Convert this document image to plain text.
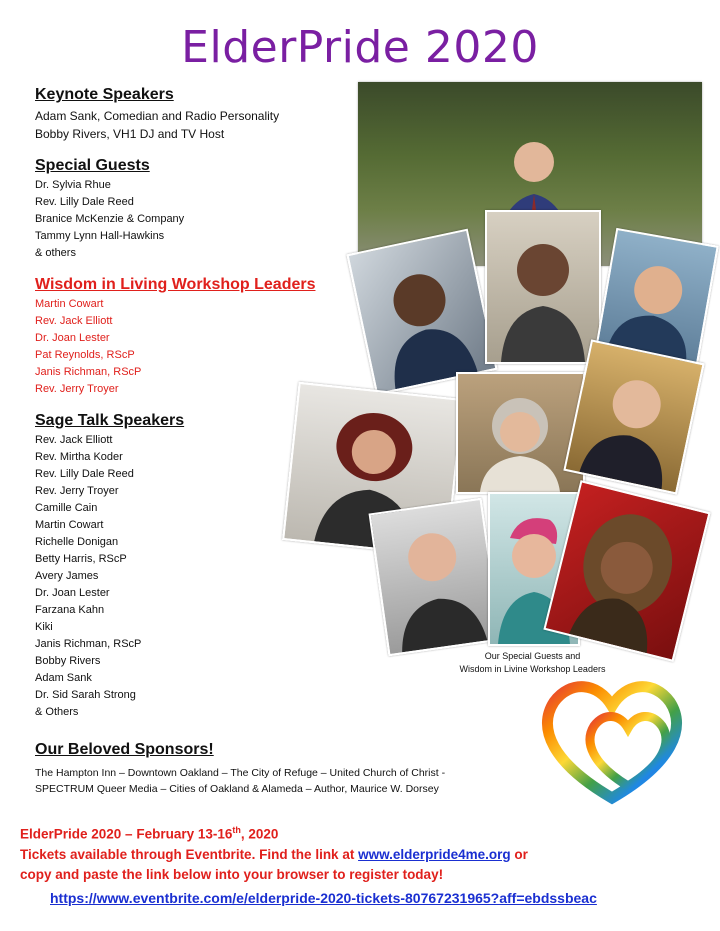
ElderPride 2020
Keynote Speakers
Adam Sank, Comedian and Radio Personality
Bobby Rivers, VH1 DJ and TV Host
Special Guests
Dr. Sylvia Rhue
Rev. Lilly Dale Reed
Branice McKenzie & Company
Tammy Lynn Hall-Hawkins
& others
Wisdom in Living Workshop Leaders
Martin Cowart
Rev. Jack Elliott
Dr. Joan Lester
Pat Reynolds, RScP
Janis Richman, RScP
Rev. Jerry Troyer
Sage Talk Speakers
Rev. Jack Elliott
Rev. Mirtha Koder
Rev. Lilly Dale Reed
Rev. Jerry Troyer
Camille Cain
Martin Cowart
Richelle Donigan
Betty Harris, RScP
Avery James
Dr. Joan Lester
Farzana Kahn
Kiki
Janis Richman, RScP
Bobby Rivers
Adam Sank
Dr. Sid Sarah Strong
& Others
Our Special Guests and
Wisdom in Livine Workshop Leaders
Our Beloved Sponsors!
The Hampton Inn – Downtown Oakland – The City of Refuge – United Church of Christ -
SPECTRUM Queer Media – Cities of Oakland & Alameda – Author, Maurice W. Dorsey
ElderPride 2020 – February 13-16th, 2020
Tickets available through Eventbrite. Find the link at www.elderpride4me.org or
copy and paste the link below into your browser to register today!
https://www.eventbrite.com/e/elderpride-2020-tickets-80767231965?aff=ebdssbeac
